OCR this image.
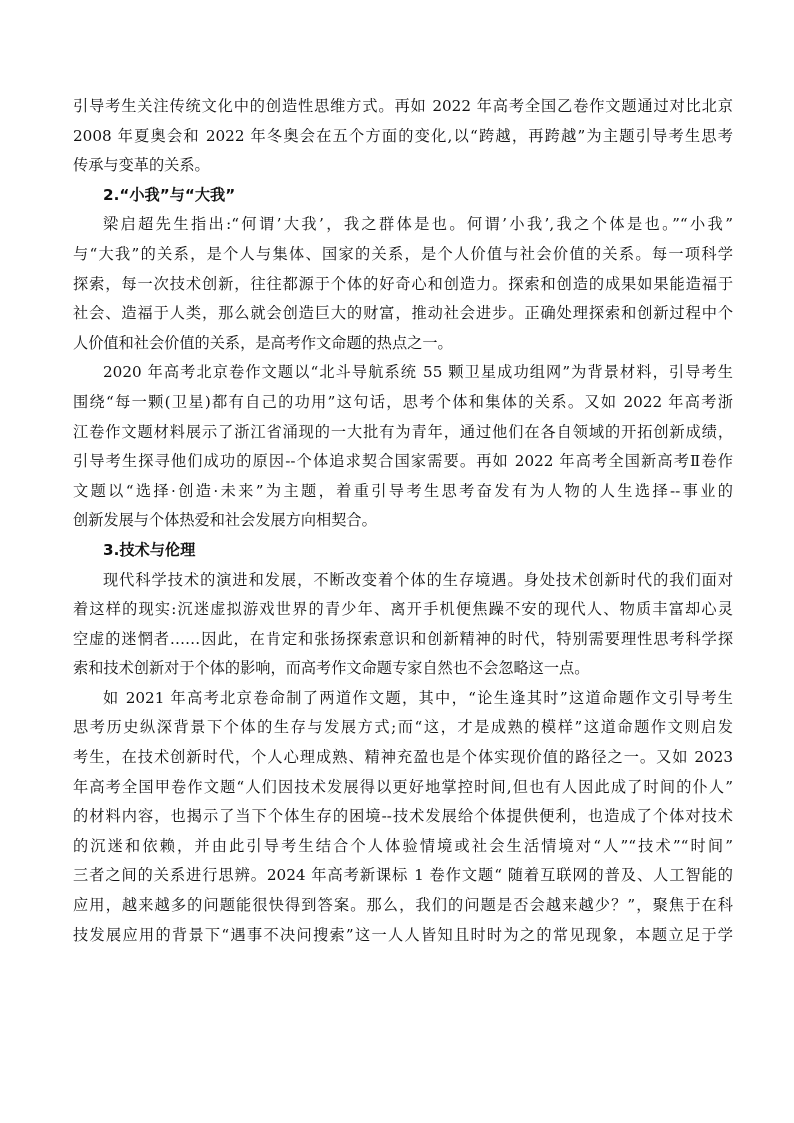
引导考生关注传统文化中的创造性思维方式。再如 2022 年高考全国乙卷作文题通过对比北京
2008 年夏奥会和 2022 年冬奥会在五个方面的变化,以“跨越，再跨越”为主题引导考生思考
传承与变革的关系。
2.“小我”与“大我”
梁启超先生指出:“何谓’大我’，我之群体是也。何谓’小我’,我之个体是也。”“小我”
与“大我”的关系，是个人与集体、国家的关系，是个人价值与社会价值的关系。每一项科学
探索，每一次技术创新，往往都源于个体的好奇心和创造力。探索和创造的成果如果能造福于
社会、造福于人类，那么就会创造巨大的财富，推动社会进步。正确处理探索和创新过程中个
人价值和社会价值的关系，是高考作文命题的热点之一。
2020 年高考北京卷作文题以“北斗导航系统 55 颗卫星成功组网”为背景材料，引导考生
围绕“每一颗(卫星)都有自己的功用”这句话，思考个体和集体的关系。又如 2022 年高考浙
江卷作文题材料展示了浙江省涌现的一大批有为青年，通过他们在各自领域的开拓创新成绩，
引导考生探寻他们成功的原因--个体追求契合国家需要。再如 2022 年高考全国新高考Ⅱ卷作
文题以“选择·创造·未来”为主题，着重引导考生思考奋发有为人物的人生选择--事业的
创新发展与个体热爱和社会发展方向相契合。
3.技术与伦理
现代科学技术的演进和发展，不断改变着个体的生存境遇。身处技术创新时代的我们面对
着这样的现实:沉迷虚拟游戏世界的青少年、离开手机便焦躁不安的现代人、物质丰富却心灵
空虚的迷惘者……因此，在肯定和张扬探索意识和创新精神的时代，特别需要理性思考科学探
索和技术创新对于个体的影响，而高考作文命题专家自然也不会忽略这一点。
如 2021 年高考北京卷命制了两道作文题，其中，“论生逢其时”这道命题作文引导考生
思考历史纵深背景下个体的生存与发展方式;而“这，才是成熟的模样”这道命题作文则启发
考生，在技术创新时代，个人心理成熟、精神充盈也是个体实现价值的路径之一。又如 2023
年高考全国甲卷作文题“人们因技术发展得以更好地掌控时间,但也有人因此成了时间的仆人”
的材料内容，也揭示了当下个体生存的困境--技术发展给个体提供便利，也造成了个体对技术
的沉迷和依赖，并由此引导考生结合个人体验情境或社会生活情境对“人”“技术”“时间”
三者之间的关系进行思辨。2024 年高考新课标 1 卷作文题“ 随着互联网的普及、人工智能的
应用，越来越多的问题能很快得到答案。那么，我们的问题是否会越来越少？”，聚焦于在科
技发展应用的背景下“遇事不决问搜索”这一人人皆知且时时为之的常见现象，本题立足于学
